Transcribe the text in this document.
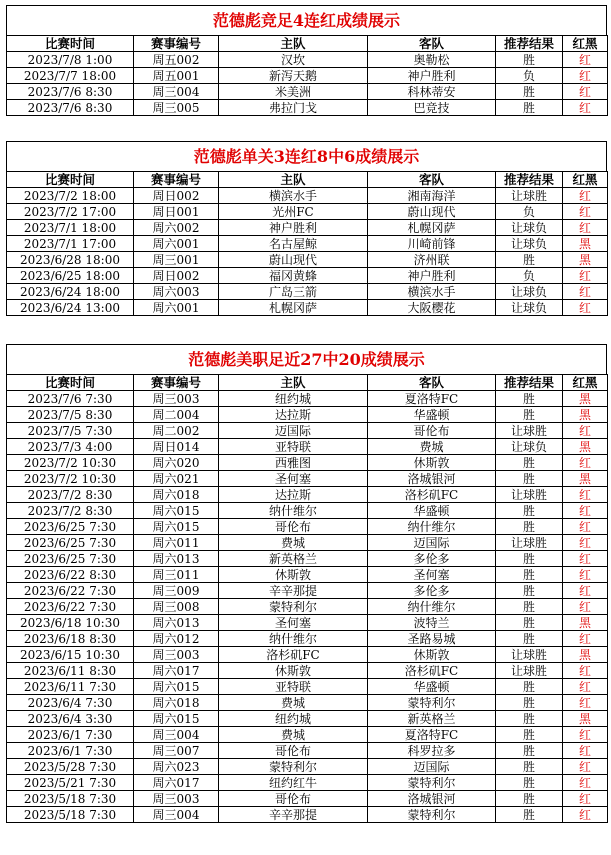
范德彪竞足4连红成绩展示
比赛时间	赛事编号	主队	客队	推荐结果	红黑
2023/7/8 1:00	周五002	汉坎	奥勒松	胜	红
2023/7/7 18:00	周五001	新泻天鹅	神户胜利	负	红
2023/7/6 8:30	周三004	米美洲	科林蒂安	胜	红
2023/7/6 8:30	周三005	弗拉门戈	巴竞技	胜	红
范德彪单关3连红8中6成绩展示
比赛时间	赛事编号	主队	客队	推荐结果	红黑
2023/7/2 18:00	周日002	横滨水手	湘南海洋	让球胜	红
2023/7/2 17:00	周日001	光州FC	蔚山现代	负	红
2023/7/1 18:00	周六002	神户胜利	札幌冈萨	让球负	红
2023/7/1 17:00	周六001	名古屋鲸	川崎前锋	让球负	黑
2023/6/28 18:00	周三001	蔚山现代	济州联	胜	黑
2023/6/25 18:00	周日002	福冈黄蜂	神户胜利	负	红
2023/6/24 18:00	周六003	广岛三箭	横滨水手	让球负	红
2023/6/24 13:00	周六001	札幌冈萨	大阪樱花	让球负	红
范德彪美职足近27中20成绩展示
比赛时间	赛事编号	主队	客队	推荐结果	红黑
2023/7/6 7:30	周三003	纽约城	夏洛特FC	胜	黑
2023/7/5 8:30	周二004	达拉斯	华盛顿	胜	黑
2023/7/5 7:30	周二002	迈国际	哥伦布	让球胜	红
2023/7/3 4:00	周日014	亚特联	费城	让球负	黑
2023/7/2 10:30	周六020	西雅图	休斯敦	胜	红
2023/7/2 10:30	周六021	圣何塞	洛城银河	胜	黑
2023/7/2 8:30	周六018	达拉斯	洛杉矶FC	让球胜	红
2023/7/2 8:30	周六015	纳什维尔	华盛顿	胜	红
2023/6/25 7:30	周六015	哥伦布	纳什维尔	胜	红
2023/6/25 7:30	周六011	费城	迈国际	让球胜	红
2023/6/25 7:30	周六013	新英格兰	多伦多	胜	红
2023/6/22 8:30	周三011	休斯敦	圣何塞	胜	红
2023/6/22 7:30	周三009	辛辛那提	多伦多	胜	红
2023/6/22 7:30	周三008	蒙特利尔	纳什维尔	胜	红
2023/6/18 10:30	周六013	圣何塞	波特兰	胜	黑
2023/6/18 8:30	周六012	纳什维尔	圣路易城	胜	红
2023/6/15 10:30	周三003	洛杉矶FC	休斯敦	让球胜	黑
2023/6/11 8:30	周六017	休斯敦	洛杉矶FC	让球胜	红
2023/6/11 7:30	周六015	亚特联	华盛顿	胜	红
2023/6/4 7:30	周六018	费城	蒙特利尔	胜	红
2023/6/4 3:30	周六015	纽约城	新英格兰	胜	黑
2023/6/1 7:30	周三004	费城	夏洛特FC	胜	红
2023/6/1 7:30	周三007	哥伦布	科罗拉多	胜	红
2023/5/28 7:30	周六023	蒙特利尔	迈国际	胜	红
2023/5/21 7:30	周六017	纽约红牛	蒙特利尔	胜	红
2023/5/18 7:30	周三003	哥伦布	洛城银河	胜	红
2023/5/18 7:30	周三004	辛辛那提	蒙特利尔	胜	红
